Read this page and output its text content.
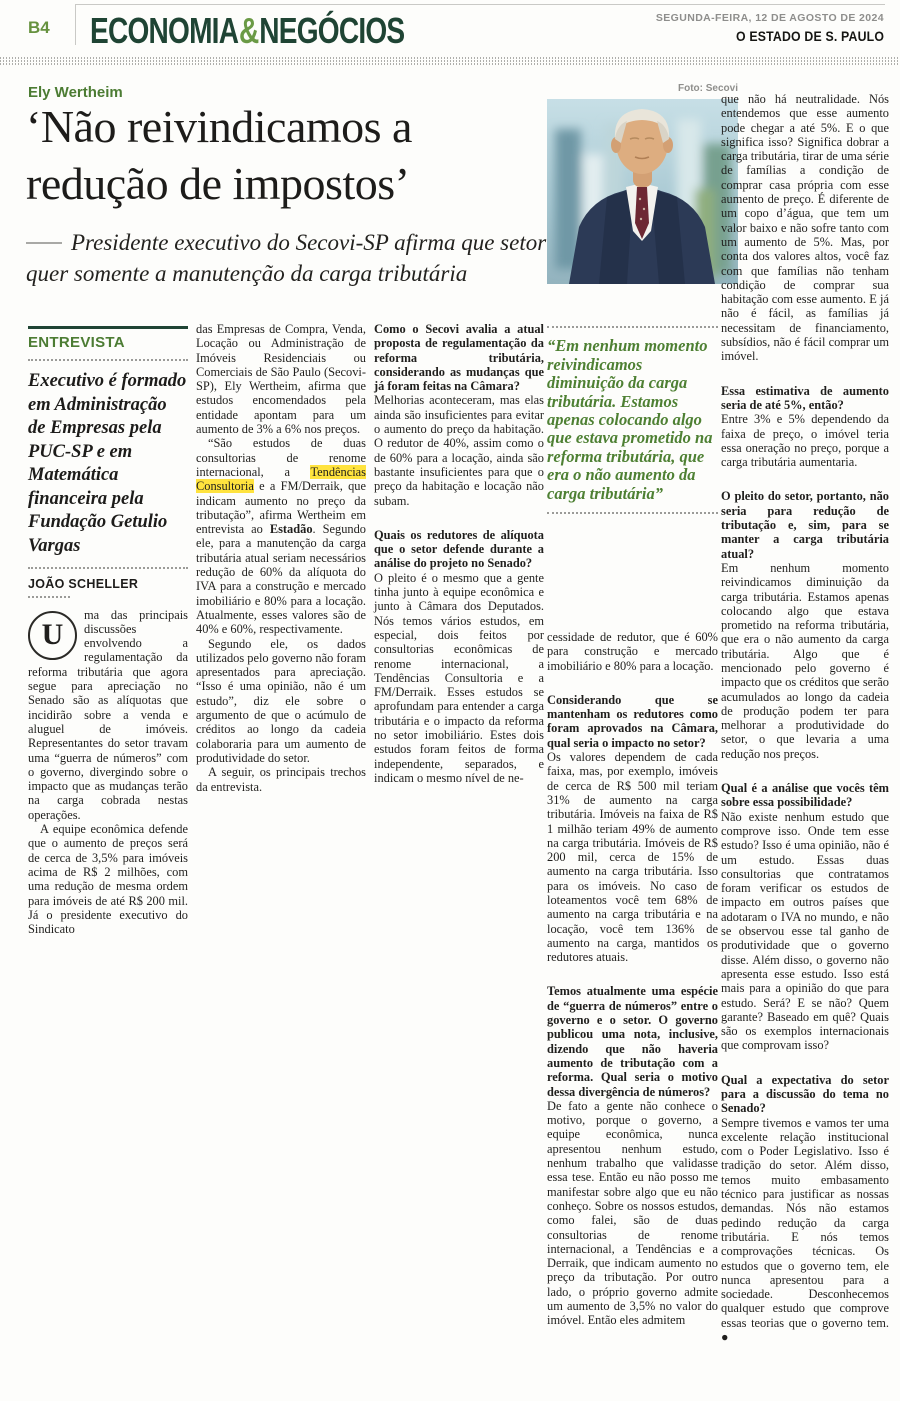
B4 ECONOMIA&NEGÓCIOS	SEGUNDA-FEIRA, 12 DE AGOSTO DE 2024
O ESTADO DE S. PAULO
Ely Wertheim
‘Não reivindicamos a redução de impostos’
Presidente executivo do Secovi-SP afirma que setor quer somente a manutenção da carga tributária
ENTREVISTA
Executivo é formado em Administração de Empresas pela PUC-SP e em Matemática financeira pela Fundação Getulio Vargas
JOÃO SCHELLER

U
ma das principais discussões envolvendo a regulamentação da reforma tributária que agora segue para apreciação no Senado são as alíquotas que incidirão sobre a venda e aluguel de imóveis. Representantes do setor travam uma “guerra de números” com o governo, divergindo sobre o impacto que as mudanças terão na carga cobrada nestas operações.

A equipe econômica defende que o aumento de preços será de cerca de 3,5% para imóveis acima de R$ 2 milhões, com uma redução de mesma ordem para imóveis de até R$ 200 mil. Já o presidente executivo do Sindicato

das Empresas de Compra, Venda, Locação ou Administração de Imóveis Residenciais ou Comerciais de São Paulo (Secovi-SP), Ely Wertheim, afirma que estudos encomendados pela entidade apontam para um aumento de 3% a 6% nos preços.

“São estudos de duas consultorias de renome internacional, a Tendências Consultoria e a FM/Derraik, que indicam aumento no preço da tributação”, afirma Wertheim em entrevista ao Estadão. Segundo ele, para a manutenção da carga tributária atual seriam necessários redução de 60% da alíquota do IVA para a construção e mercado imobiliário e 80% para a locação. Atualmente, esses valores são de 40% e 60%, respectivamente.

Segundo ele, os dados utilizados pelo governo não foram apresentados para apreciação. “Isso é uma opinião, não é um estudo”, diz ele sobre o argumento de que o acúmulo de créditos ao longo da cadeia colaboraria para um aumento de produtividade do setor.

A seguir, os principais trechos da entrevista.

Como o Secovi avalia a atual proposta de regulamentação da reforma tributária, considerando as mudanças que já foram feitas na Câmara?

Melhorias aconteceram, mas elas ainda são insuficientes para evitar o aumento do preço da habitação. O redutor de 40%, assim como o de 60% para a locação, ainda são bastante insuficientes para que o preço da habitação e locação não subam.

Quais os redutores de alíquota que o setor defende durante a análise do projeto no Senado?

O pleito é o mesmo que a gente tinha junto à equipe econômica e junto à Câmara dos Deputados. Nós temos vários estudos, em especial, dois feitos por consultorias econômicas de renome internacional, a Tendências Consultoria e a FM/Derraik. Esses estudos se aprofundam para entender a carga tributária e o impacto da reforma no setor imobiliário. Estes dois estudos foram feitos de forma independente, separados, e indicam o mesmo nível de ne-

Foto: Secovi
“Em nenhum momento reivindicamos diminuição da carga tributária. Estamos apenas colocando algo que estava prometido na reforma tributária, que era o não aumento da carga tributária”

cessidade de redutor, que é 60% para construção e mercado imobiliário e 80% para a locação.

Considerando que se mantenham os redutores como foram aprovados na Câmara, qual seria o impacto no setor?

Os valores dependem de cada faixa, mas, por exemplo, imóveis de cerca de R$ 500 mil teriam 31% de aumento na carga tributária. Imóveis na faixa de R$ 1 milhão teriam 49% de aumento na carga tributária. Imóveis de R$ 200 mil, cerca de 15% de aumento na carga tributária. Isso para os imóveis. No caso de loteamentos você tem 68% de aumento na carga tributária e na locação, você tem 136% de aumento na carga, mantidos os redutores atuais.

Temos atualmente uma espécie de “guerra de números” entre o governo e o setor. O governo publicou uma nota, inclusive, dizendo que não haveria aumento de tributação com a reforma. Qual seria o motivo dessa divergência de números?

De fato a gente não conhece o motivo, porque o governo, a equipe econômica, nunca apresentou nenhum estudo, nenhum trabalho que validasse essa tese. Então eu não posso me manifestar sobre algo que eu não conheço. Sobre os nossos estudos, como falei, são de duas consultorias de renome internacional, a Tendências e a Derraik, que indicam aumento no preço da tributação. Por outro lado, o próprio governo admite um aumento de 3,5% no valor do imóvel. Então eles admitem

que não há neutralidade. Nós entendemos que esse aumento pode chegar a até 5%. E o que significa isso? Significa dobrar a carga tributária, tirar de uma série de famílias a condição de comprar casa própria com esse aumento de preço. É diferente de um copo d’água, que tem um valor baixo e não sofre tanto com um aumento de 5%. Mas, por conta dos valores altos, você faz com que famílias não tenham condição de comprar sua habitação com esse aumento. E já não é fácil, as famílias já necessitam de financiamento, subsídios, não é fácil comprar um imóvel.

Essa estimativa de aumento seria de até 5%, então?

Entre 3% e 5% dependendo da faixa de preço, o imóvel teria essa oneração no preço, porque a carga tributária aumentaria.

O pleito do setor, portanto, não seria para redução de tributação e, sim, para se manter a carga tributária atual?

Em nenhum momento reivindicamos diminuição da carga tributária. Estamos apenas colocando algo que estava prometido na reforma tributária, que era o não aumento da carga tributária. Algo que é mencionado pelo governo é impacto que os créditos que serão acumulados ao longo da cadeia de produção podem ter para melhorar a produtividade do setor, o que levaria a uma redução nos preços.

Qual é a análise que vocês têm sobre essa possibilidade?

Não existe nenhum estudo que comprove isso. Onde tem esse estudo? Isso é uma opinião, não é um estudo. Essas duas consultorias que contratamos foram verificar os estudos de impacto em outros países que adotaram o IVA no mundo, e não se observou esse tal ganho de produtividade que o governo disse. Além disso, o governo não apresenta esse estudo. Isso está mais para a opinião do que para estudo. Será? E se não? Quem garante? Baseado em quê? Quais são os exemplos internacionais que comprovam isso?

Qual a expectativa do setor para a discussão do tema no Senado?

Sempre tivemos e vamos ter uma excelente relação institucional com o Poder Legislativo. Isso é tradição do setor. Além disso, temos muito embasamento técnico para justificar as nossas demandas. Nós não estamos pedindo redução da carga tributária. E nós temos comprovações técnicas. Os estudos que o governo tem, ele nunca apresentou para a sociedade. Desconhecemos qualquer estudo que comprove essas teorias que o governo tem. ●
